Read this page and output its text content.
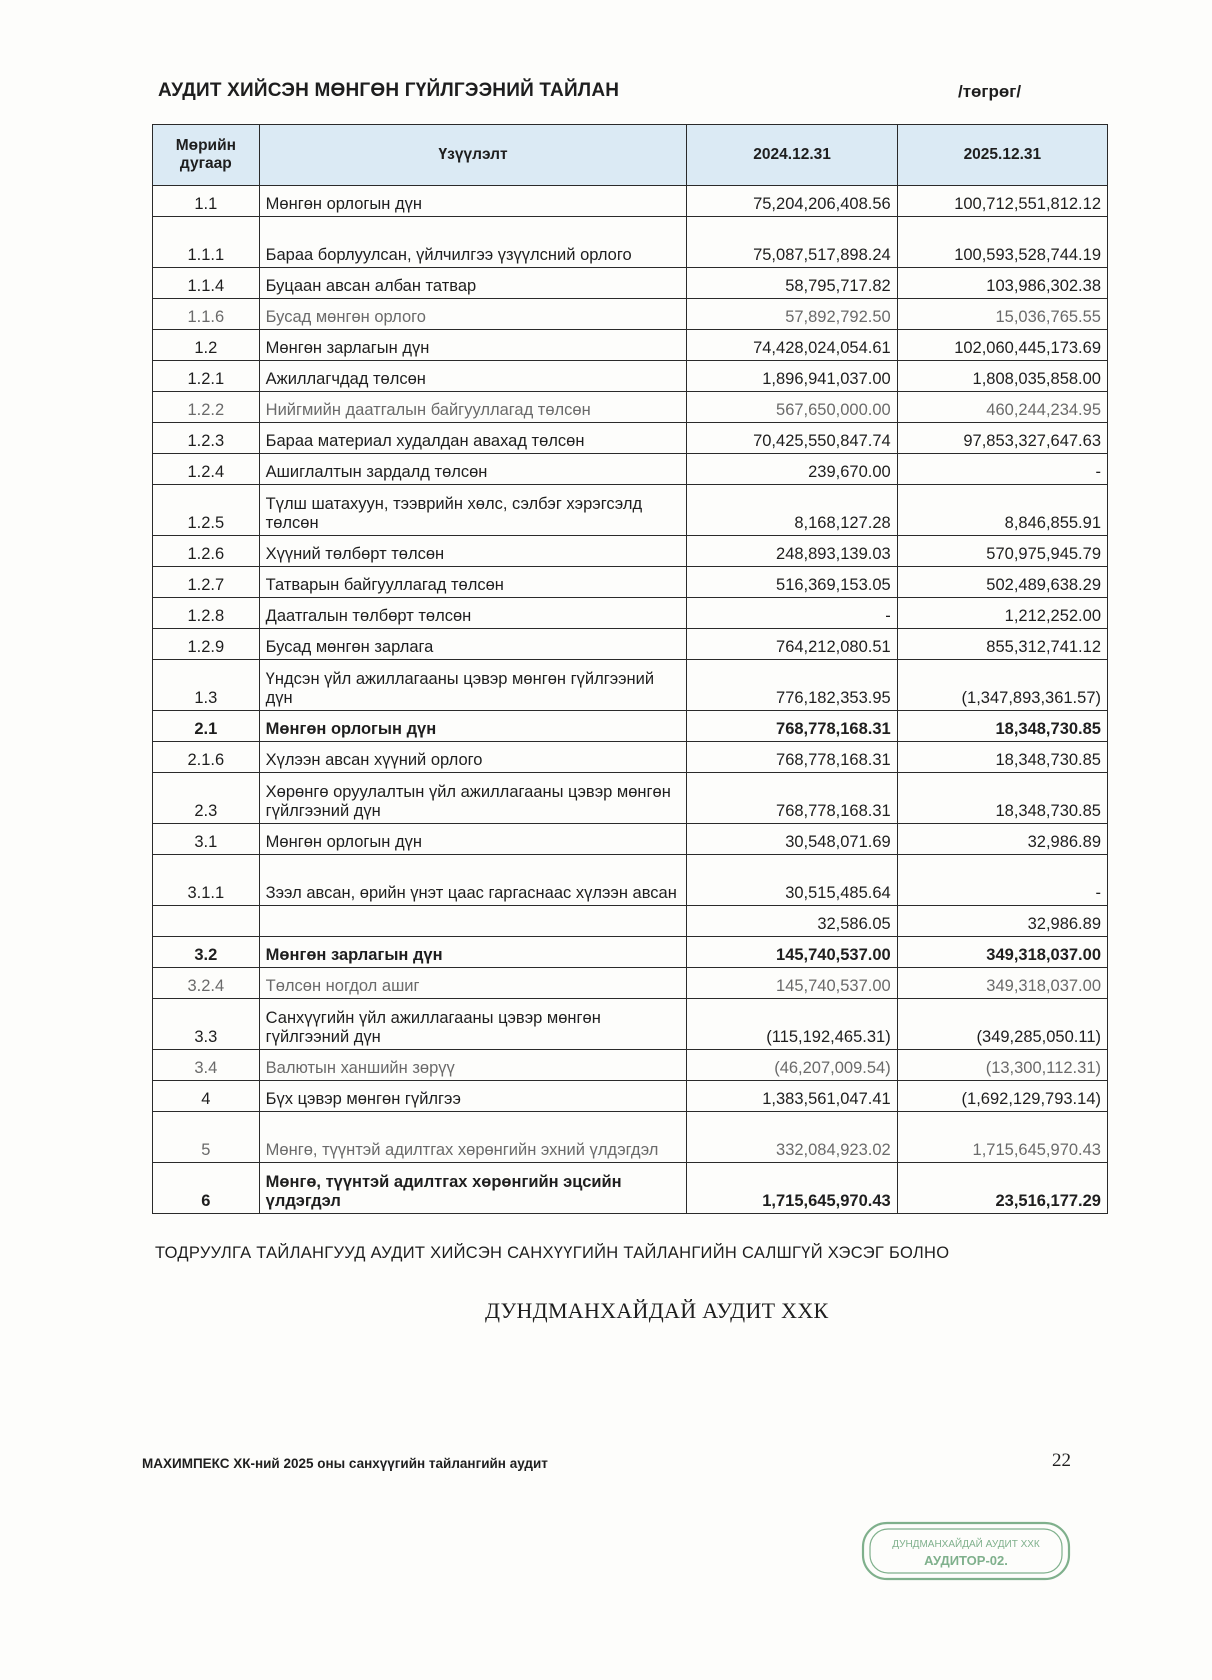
АУДИТ ХИЙСЭН МӨНГӨН ГҮЙЛГЭЭНИЙ ТАЙЛАН	/төгрөг/
Мөрийн дугаар	Үзүүлэлт	2024.12.31	2025.12.31
1.1	Мөнгөн орлогын дүн	75,204,206,408.56	100,712,551,812.12
1.1.1	Бараа борлуулсан, үйлчилгээ үзүүлсний орлого	75,087,517,898.24	100,593,528,744.19
1.1.4	Буцаан авсан албан татвар	58,795,717.82	103,986,302.38
1.1.6	Бусад мөнгөн орлого	57,892,792.50	15,036,765.55
1.2	Мөнгөн зарлагын дүн	74,428,024,054.61	102,060,445,173.69
1.2.1	Ажиллагчдад төлсөн	1,896,941,037.00	1,808,035,858.00
1.2.2	Нийгмийн даатгалын байгууллагад төлсөн	567,650,000.00	460,244,234.95
1.2.3	Бараа материал худалдан авахад төлсөн	70,425,550,847.74	97,853,327,647.63
1.2.4	Ашиглалтын зардалд төлсөн	239,670.00	-
1.2.5	Түлш шатахуун, тээврийн хөлс, сэлбэг хэрэгсэлд төлсөн	8,168,127.28	8,846,855.91
1.2.6	Хүүний төлбөрт төлсөн	248,893,139.03	570,975,945.79
1.2.7	Татварын байгууллагад төлсөн	516,369,153.05	502,489,638.29
1.2.8	Даатгалын төлбөрт төлсөн	-	1,212,252.00
1.2.9	Бусад мөнгөн зарлага	764,212,080.51	855,312,741.12
1.3	Үндсэн үйл ажиллагааны цэвэр мөнгөн гүйлгээний дүн	776,182,353.95	(1,347,893,361.57)
2.1	Мөнгөн орлогын дүн	768,778,168.31	18,348,730.85
2.1.6	Хүлээн авсан хүүний орлого	768,778,168.31	18,348,730.85
2.3	Хөрөнгө оруулалтын үйл ажиллагааны цэвэр мөнгөн гүйлгээний дүн	768,778,168.31	18,348,730.85
3.1	Мөнгөн орлогын дүн	30,548,071.69	32,986.89
3.1.1	Зээл авсан, өрийн үнэт цаас гаргаснаас хүлээн авсан	30,515,485.64	-
		32,586.05	32,986.89
3.2	Мөнгөн зарлагын дүн	145,740,537.00	349,318,037.00
3.2.4	Төлсөн ногдол ашиг	145,740,537.00	349,318,037.00
3.3	Санхүүгийн үйл ажиллагааны цэвэр мөнгөн гүйлгээний дүн	(115,192,465.31)	(349,285,050.11)
3.4	Валютын ханшийн зөрүү	(46,207,009.54)	(13,300,112.31)
4	Бүх цэвэр мөнгөн гүйлгээ	1,383,561,047.41	(1,692,129,793.14)
5	Мөнгө, түүнтэй адилтгах хөрөнгийн эхний үлдэгдэл	332,084,923.02	1,715,645,970.43
6	Мөнгө, түүнтэй адилтгах хөрөнгийн эцсийн үлдэгдэл	1,715,645,970.43	23,516,177.29
ТОДРУУЛГА ТАЙЛАНГУУД АУДИТ ХИЙСЭН САНХҮҮГИЙН ТАЙЛАНГИЙН САЛШГҮЙ ХЭСЭГ БОЛНО
ДУНДМАНХАЙДАЙ АУДИТ ХХК
МАХИМПЕКС ХК-ний 2025 оны санхүүгийн тайлангийн аудит	22
ДУНДМАНХАЙДАЙ АУДИТ ХХК
АУДИТОР-02.
